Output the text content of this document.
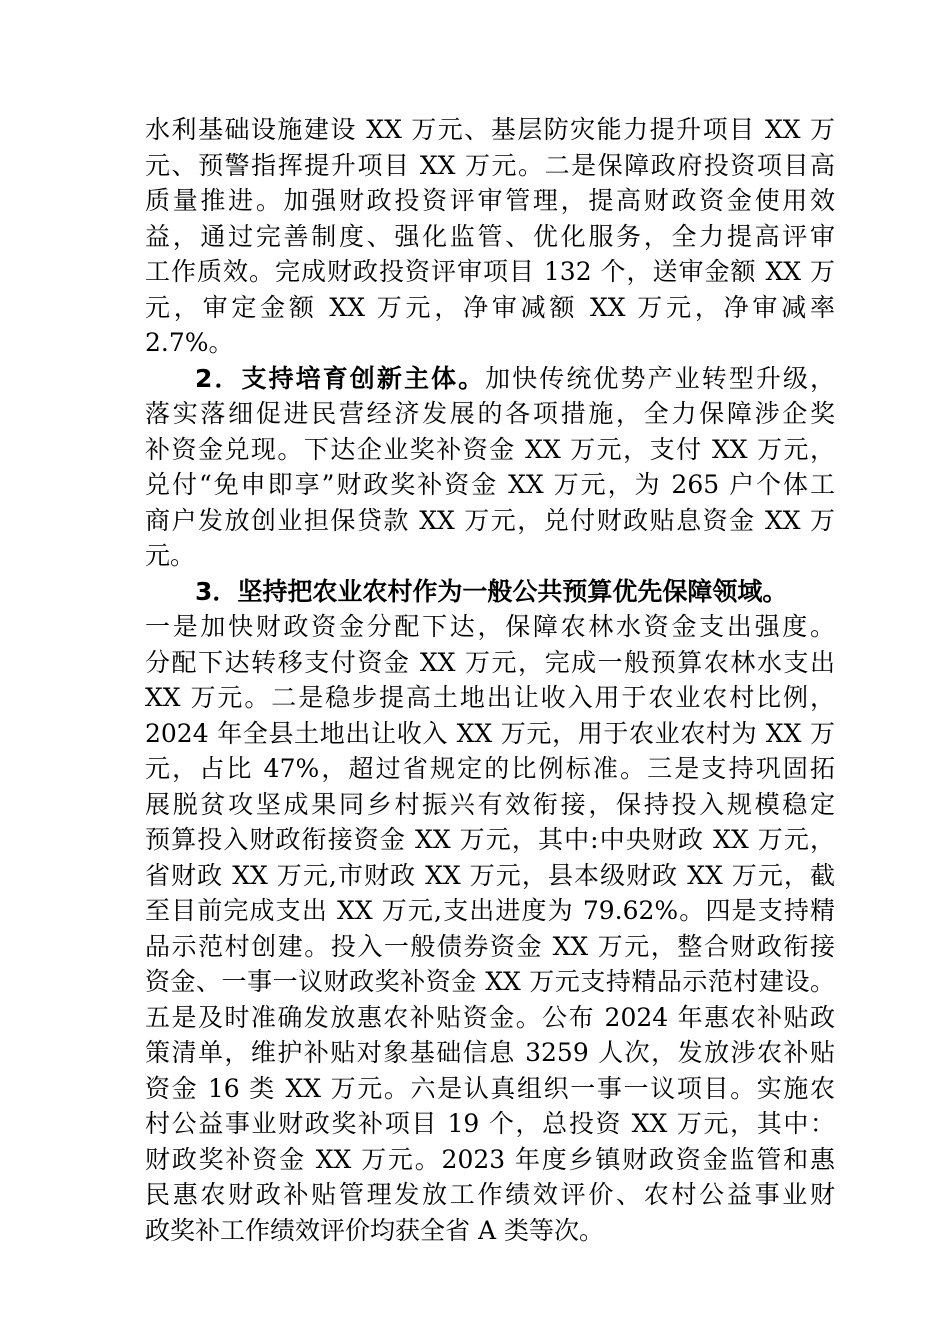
水利基础设施建设 XX 万元、基层防灾能力提升项目 XX 万
元、预警指挥提升项目 XX 万元。二是保障政府投资项目高
质量推进。加强财政投资评审管理，提高财政资金使用效
益，通过完善制度、强化监管、优化服务，全力提高评审
工作质效。完成财政投资评审项目 132 个，送审金额 XX 万
元，审定金额 XX 万元，净审减额 XX 万元，净审减率
2.7%。
2．支持培育创新主体。加快传统优势产业转型升级，
落实落细促进民营经济发展的各项措施，全力保障涉企奖
补资金兑现。下达企业奖补资金 XX 万元，支付 XX 万元，
兑付“免申即享”财政奖补资金 XX 万元，为 265 户个体工
商户发放创业担保贷款 XX 万元，兑付财政贴息资金 XX 万
元。
3．坚持把农业农村作为一般公共预算优先保障领域。
一是加快财政资金分配下达，保障农林水资金支出强度。
分配下达转移支付资金 XX 万元，完成一般预算农林水支出
XX 万元。二是稳步提高土地出让收入用于农业农村比例，
2024 年全县土地出让收入 XX 万元，用于农业农村为 XX 万
元，占比 47%，超过省规定的比例标准。三是支持巩固拓
展脱贫攻坚成果同乡村振兴有效衔接，保持投入规模稳定
预算投入财政衔接资金 XX 万元，其中:中央财政 XX 万元，
省财政 XX 万元,市财政 XX 万元，县本级财政 XX 万元，截
至目前完成支出 XX 万元,支出进度为 79.62%。四是支持精
品示范村创建。投入一般债券资金 XX 万元，整合财政衔接
资金、一事一议财政奖补资金 XX 万元支持精品示范村建设。
五是及时准确发放惠农补贴资金。公布 2024 年惠农补贴政
策清单，维护补贴对象基础信息 3259 人次，发放涉农补贴
资金 16 类 XX 万元。六是认真组织一事一议项目。实施农
村公益事业财政奖补项目 19 个，总投资 XX 万元，其中：
财政奖补资金 XX 万元。2023 年度乡镇财政资金监管和惠
民惠农财政补贴管理发放工作绩效评价、农村公益事业财
政奖补工作绩效评价均获全省 A 类等次。
